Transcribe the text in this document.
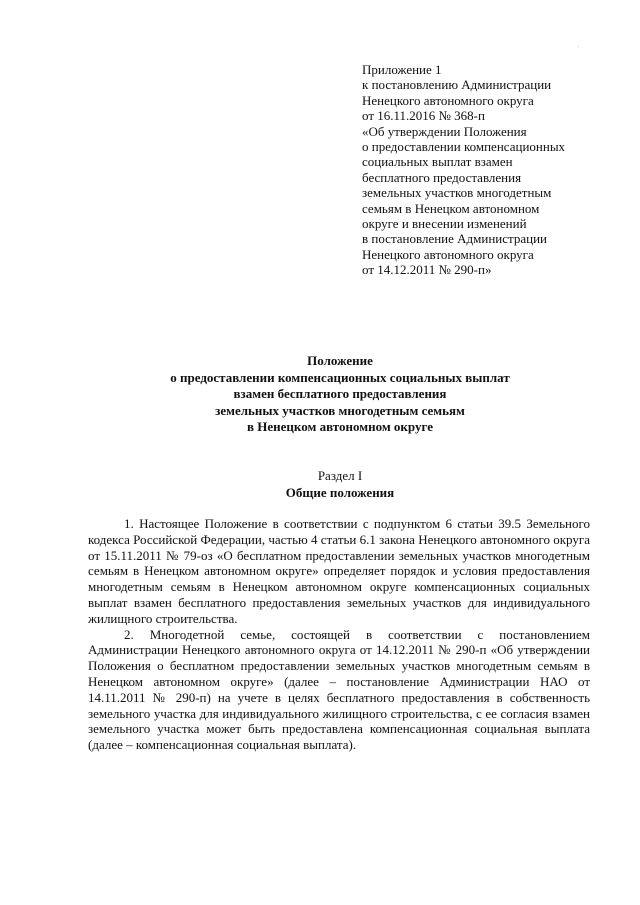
Приложение 1
к постановлению Администрации
Ненецкого автономного округа
от 16.11.2016 № 368-п
«Об утверждении Положения
о предоставлении компенсационных
социальных выплат взамен
бесплатного предоставления
земельных участков многодетным
семьям в Ненецком автономном
округе и внесении изменений
в постановление Администрации
Ненецкого автономного округа
от 14.12.2011 № 290-п»
Положение
о предоставлении компенсационных социальных выплат
взамен бесплатного предоставления
земельных участков многодетным семьям
в Ненецком автономном округе
Раздел I
Общие положения

1. Настоящее Положение в соответствии с подпунктом 6 статьи 39.5 Земельного кодекса Российской Федерации, частью 4 статьи 6.1 закона Ненецкого автономного округа от 15.11.2011 № 79-оз «О бесплатном предоставлении земельных участков многодетным семьям в Ненецком автономном округе» определяет порядок и условия предоставления многодетным семьям в Ненецком автономном округе компенсационных социальных выплат взамен бесплатного предоставления земельных участков для индивидуального жилищного строительства.

2. Многодетной семье, состоящей в соответствии с постановлением Администрации Ненецкого автономного округа от 14.12.2011 № 290-п «Об утверждении Положения о бесплатном предоставлении земельных участков многодетным семьям в Ненецком автономном округе» (далее – постановление Администрации НАО от 14.11.2011 № 290-п) на учете в целях бесплатного предоставления в собственность земельного участка для индивидуального жилищного строительства, с ее согласия взамен земельного участка может быть предоставлена компенсационная социальная выплата (далее – компенсационная социальная выплата).
